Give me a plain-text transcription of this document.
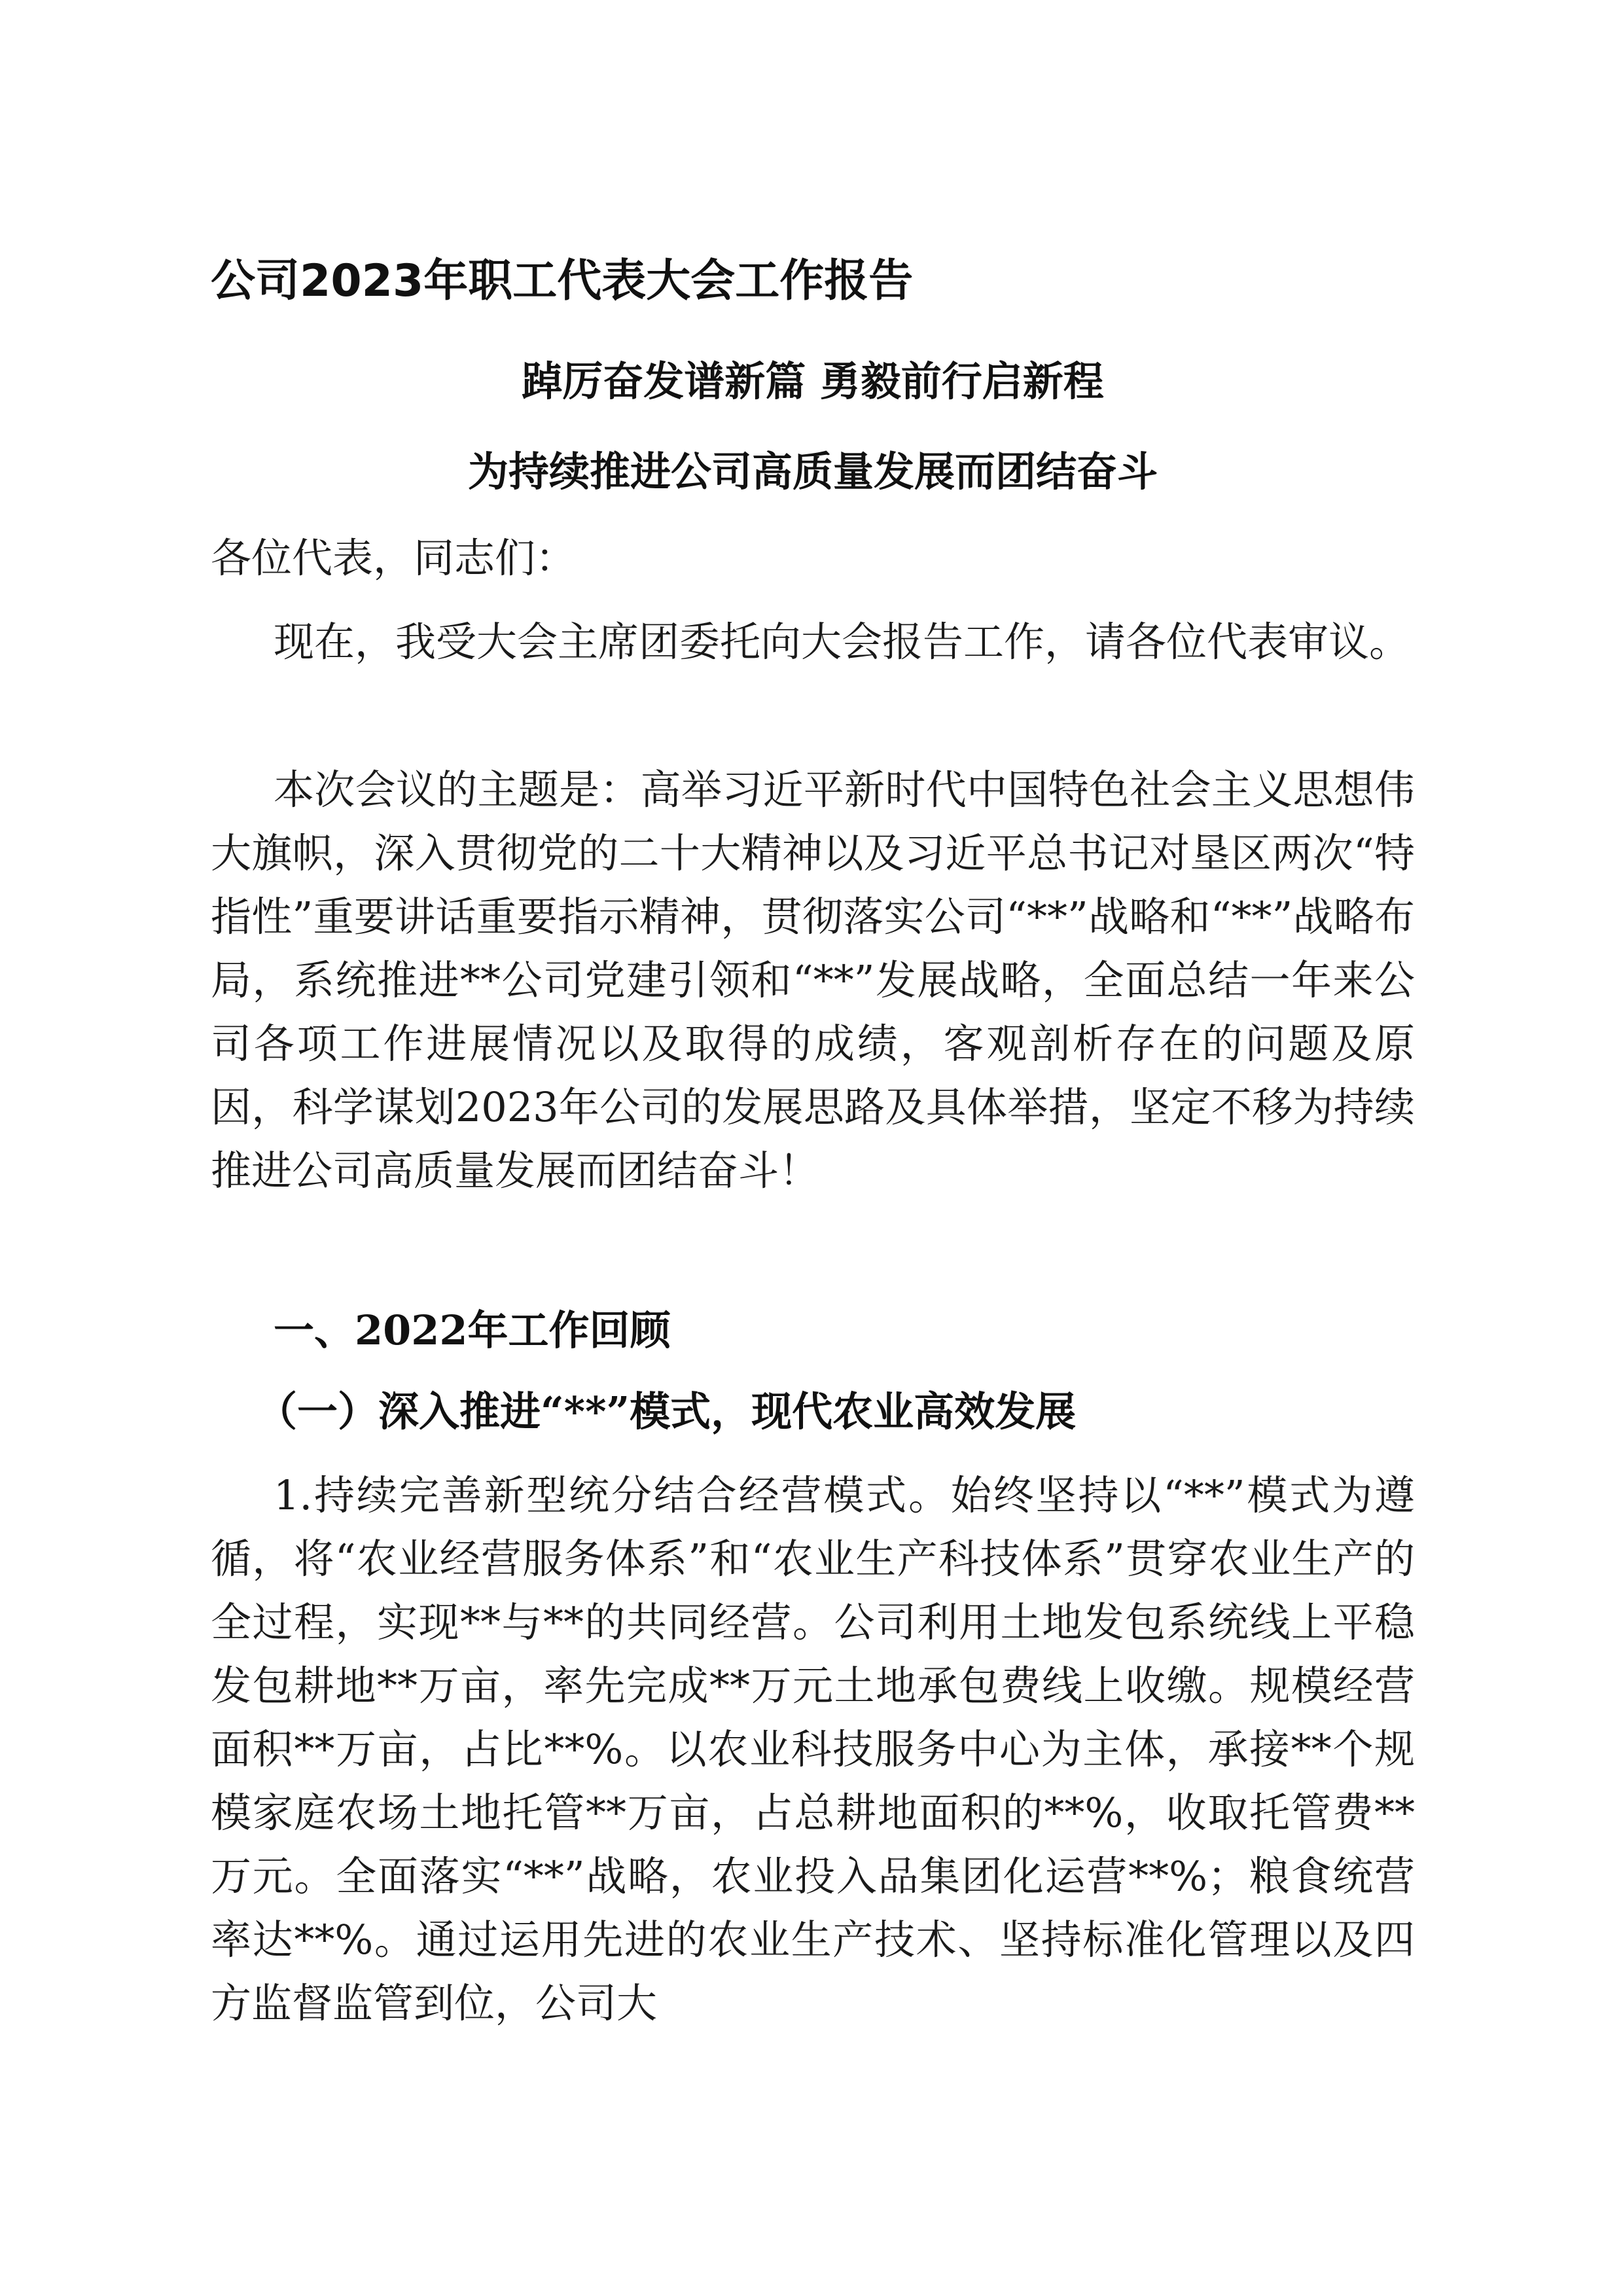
公司2023年职工代表大会工作报告
踔厉奋发谱新篇 勇毅前行启新程
为持续推进公司高质量发展而团结奋斗
各位代表，同志们：

现在，我受大会主席团委托向大会报告工作，请各位代表审议。

本次会议的主题是：高举习近平新时代中国特色社会主义思想伟大旗帜，深入贯彻党的二十大精神以及习近平总书记对垦区两次“特指性”重要讲话重要指示精神，贯彻落实公司“**”战略和“**”战略布局，系统推进**公司党建引领和“**”发展战略，全面总结一年来公司各项工作进展情况以及取得的成绩，客观剖析存在的问题及原因，科学谋划2023年公司的发展思路及具体举措，坚定不移为持续推进公司高质量发展而团结奋斗！

一、2022年工作回顾
（一）深入推进“**”模式，现代农业高效发展

1.持续完善新型统分结合经营模式。始终坚持以“**”模式为遵循，将“农业经营服务体系”和“农业生产科技体系”贯穿农业生产的全过程，实现**与**的共同经营。公司利用土地发包系统线上平稳发包耕地**万亩，率先完成**万元土地承包费线上收缴。规模经营面积**万亩，占比**%。以农业科技服务中心为主体，承接**个规模家庭农场土地托管**万亩，占总耕地面积的**%，收取托管费**万元。全面落实“**”战略，农业投入品集团化运营**%；粮食统营率达**%。通过运用先进的农业生产技术、坚持标准化管理以及四方监督监管到位，公司大
